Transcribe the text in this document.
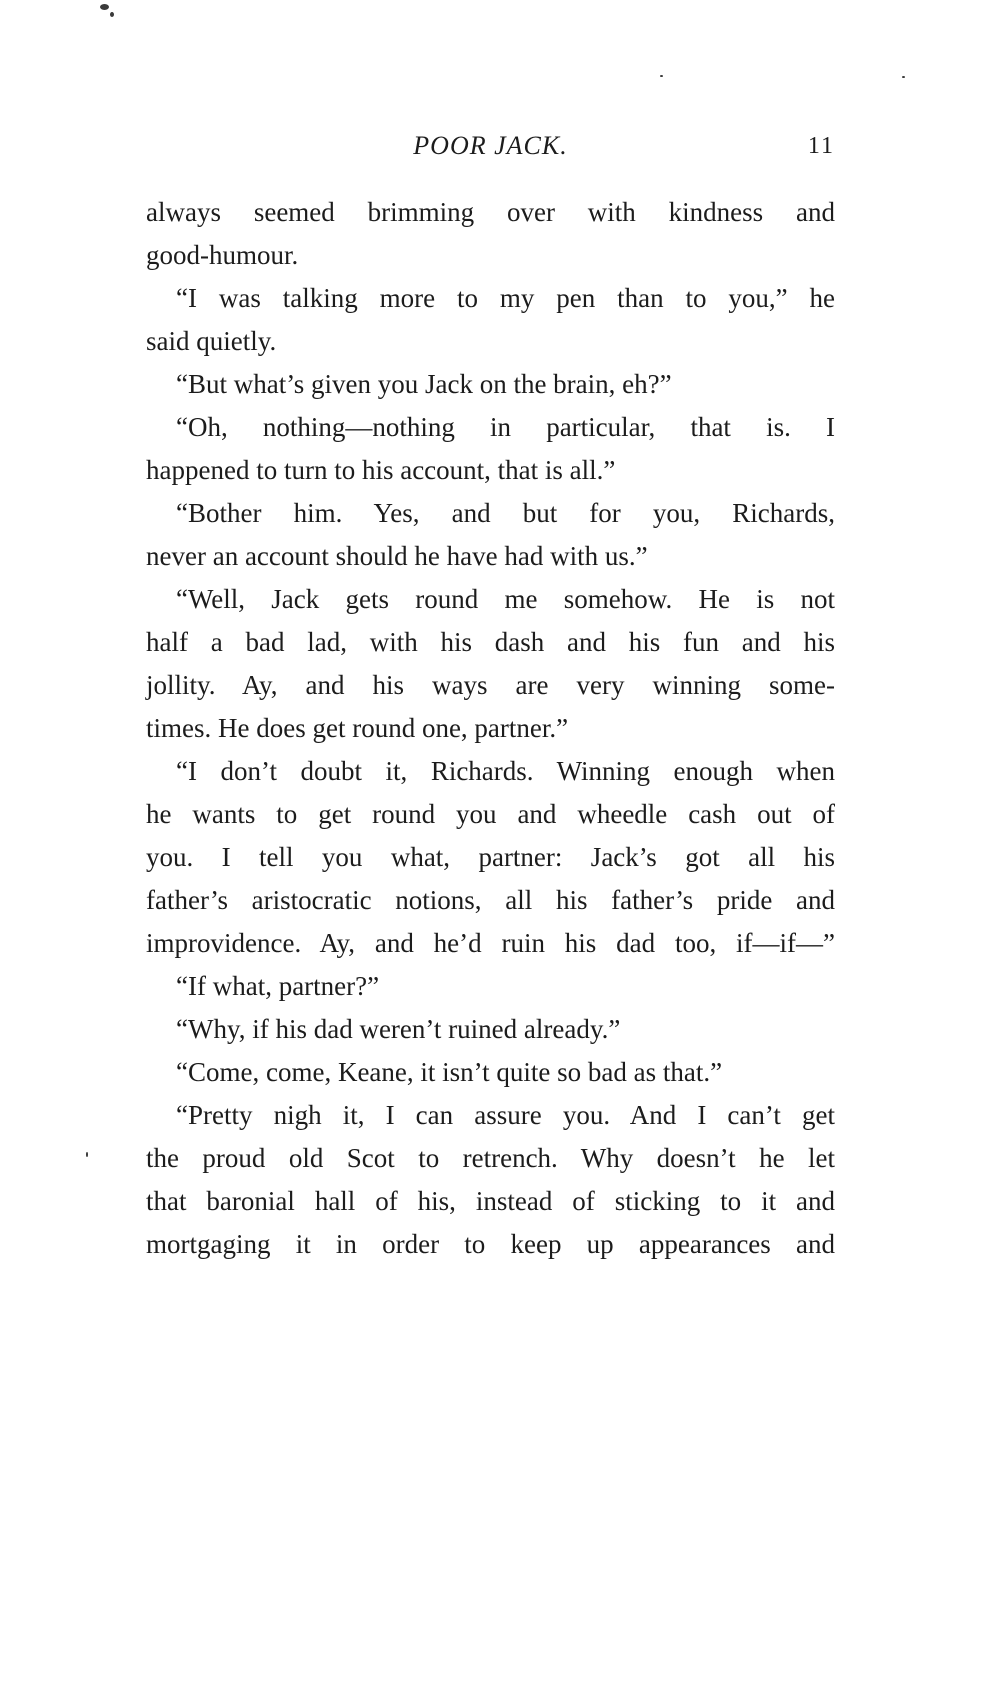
POOR JACK.	11
always seemed brimming over with kindness and
good-humour.
“I was talking more to my pen than to you,” he
said quietly.
“But what’s given you Jack on the brain, eh?”
“Oh, nothing—nothing in particular, that is. I
happened to turn to his account, that is all.”
“Bother him. Yes, and but for you, Richards,
never an account should he have had with us.”
“Well, Jack gets round me somehow. He is not
half a bad lad, with his dash and his fun and his
jollity. Ay, and his ways are very winning some-
times. He does get round one, partner.”
“I don’t doubt it, Richards. Winning enough when
he wants to get round you and wheedle cash out of
you. I tell you what, partner: Jack’s got all his
father’s aristocratic notions, all his father’s pride and
improvidence. Ay, and he’d ruin his dad too, if—if—”
“If what, partner?”
“Why, if his dad weren’t ruined already.”
“Come, come, Keane, it isn’t quite so bad as that.”
“Pretty nigh it, I can assure you. And I can’t get
the proud old Scot to retrench. Why doesn’t he let
that baronial hall of his, instead of sticking to it and
mortgaging it in order to keep up appearances and
